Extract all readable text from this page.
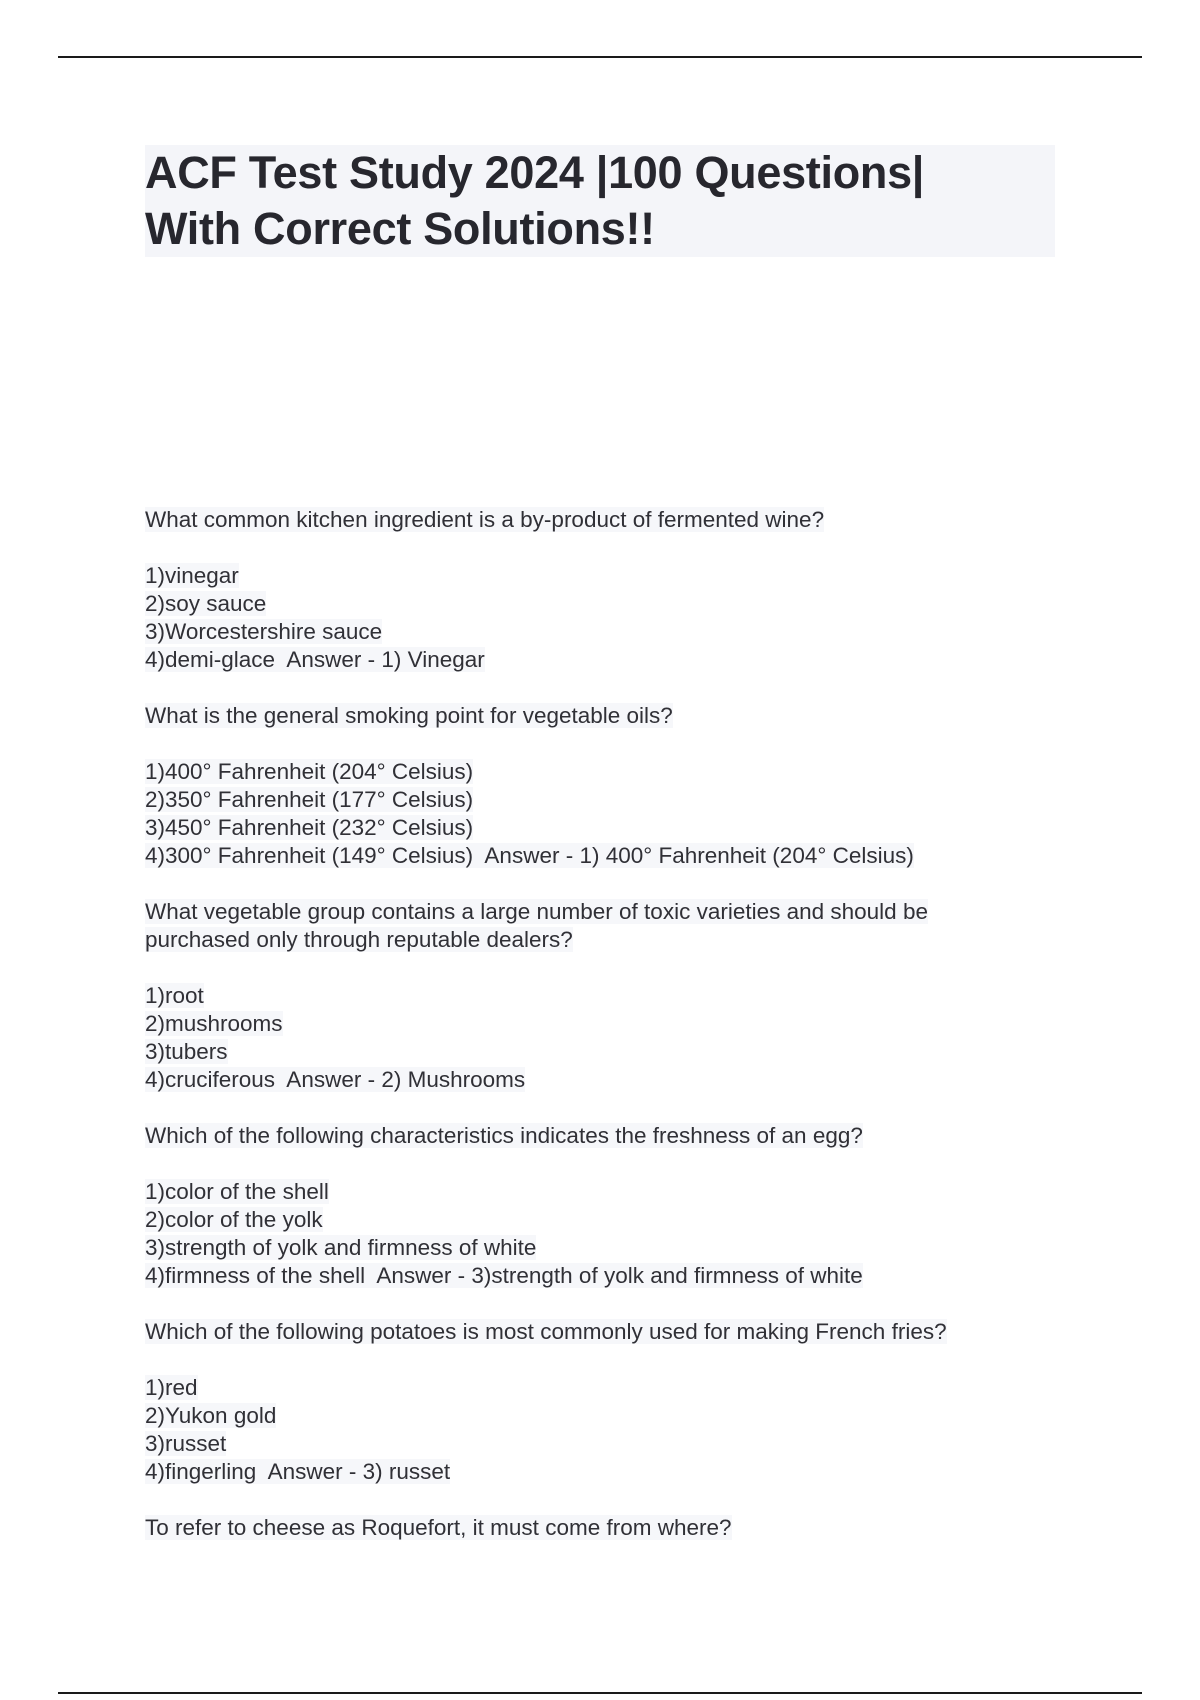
ACF Test Study 2024 |100 Questions|
With Correct Solutions!!

What common kitchen ingredient is a by-product of fermented wine?

1)vinegar

2)soy sauce

3)Worcestershire sauce

4)demi-glace  Answer - 1) Vinegar

What is the general smoking point for vegetable oils?

1)400° Fahrenheit (204° Celsius)

2)350° Fahrenheit (177° Celsius)

3)450° Fahrenheit (232° Celsius)

4)300° Fahrenheit (149° Celsius)  Answer - 1) 400° Fahrenheit (204° Celsius)

What vegetable group contains a large number of toxic varieties and should be

purchased only through reputable dealers?

1)root

2)mushrooms

3)tubers

4)cruciferous  Answer - 2) Mushrooms

Which of the following characteristics indicates the freshness of an egg?

1)color of the shell

2)color of the yolk

3)strength of yolk and firmness of white

4)firmness of the shell  Answer - 3)strength of yolk and firmness of white

Which of the following potatoes is most commonly used for making French fries?

1)red

2)Yukon gold

3)russet

4)fingerling  Answer - 3) russet

To refer to cheese as Roquefort, it must come from where?
